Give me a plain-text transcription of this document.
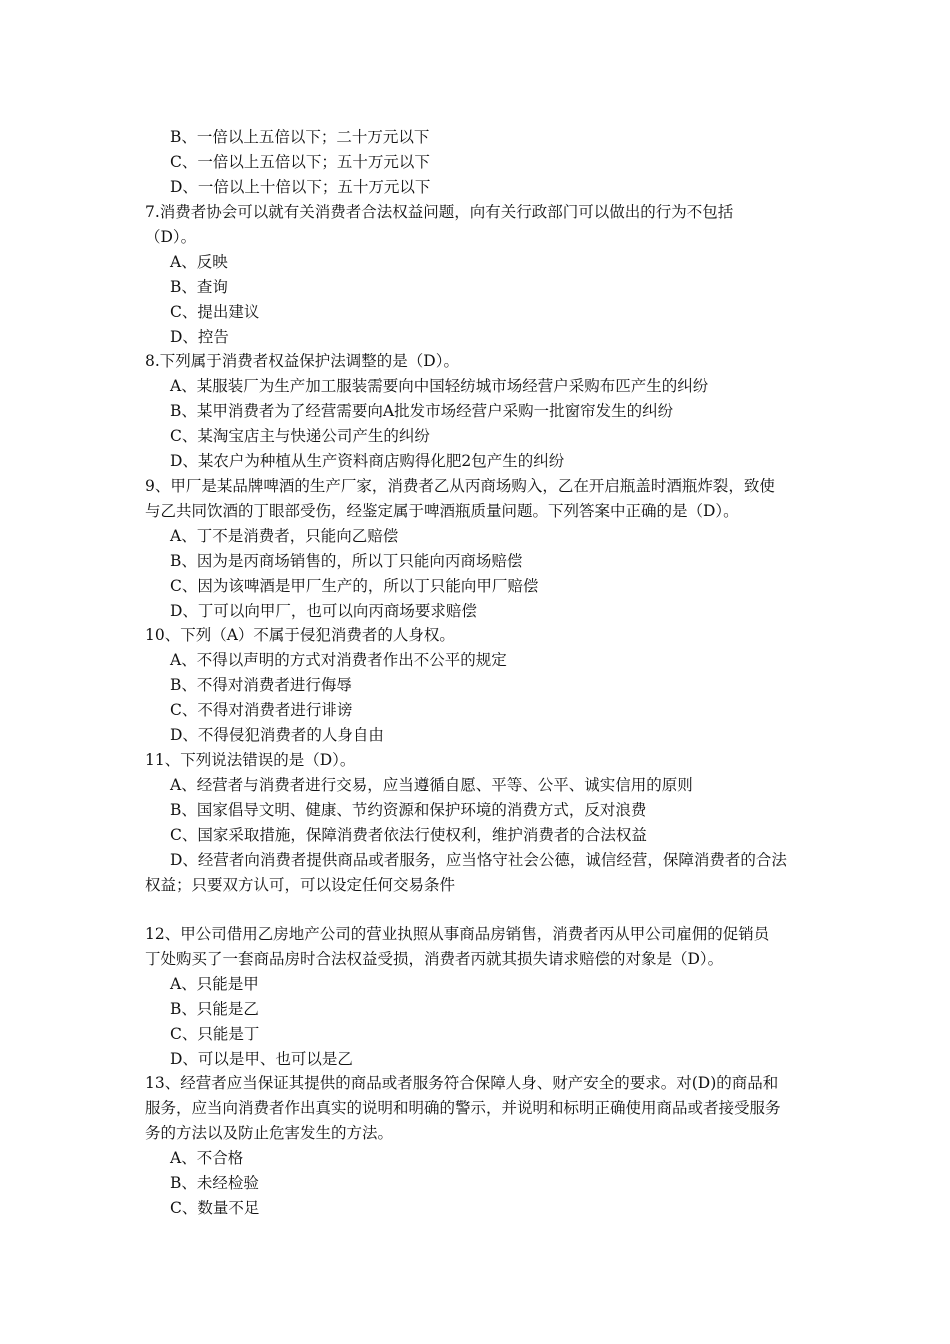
B、一倍以上五倍以下；二十万元以下
C、一倍以上五倍以下；五十万元以下
D、一倍以上十倍以下；五十万元以下
7.消费者协会可以就有关消费者合法权益问题，向有关行政部门可以做出的行为不包括
（D）。
A、反映
B、查询
C、提出建议
D、控告
8.下列属于消费者权益保护法调整的是（D）。
A、某服装厂为生产加工服装需要向中国轻纺城市场经营户采购布匹产生的纠纷
B、某甲消费者为了经营需要向A批发市场经营户采购一批窗帘发生的纠纷
C、某淘宝店主与快递公司产生的纠纷
D、某农户为种植从生产资料商店购得化肥2包产生的纠纷
9、甲厂是某品牌啤酒的生产厂家，消费者乙从丙商场购入，乙在开启瓶盖时酒瓶炸裂，致使
与乙共同饮酒的丁眼部受伤，经鉴定属于啤酒瓶质量问题。下列答案中正确的是（D）。
A、丁不是消费者，只能向乙赔偿
B、因为是丙商场销售的，所以丁只能向丙商场赔偿
C、因为该啤酒是甲厂生产的，所以丁只能向甲厂赔偿
D、丁可以向甲厂，也可以向丙商场要求赔偿
10、下列（A）不属于侵犯消费者的人身权。
A、不得以声明的方式对消费者作出不公平的规定
B、不得对消费者进行侮辱
C、不得对消费者进行诽谤
D、不得侵犯消费者的人身自由
11、下列说法错误的是（D）。
A、经营者与消费者进行交易，应当遵循自愿、平等、公平、诚实信用的原则
B、国家倡导文明、健康、节约资源和保护环境的消费方式，反对浪费
C、国家采取措施，保障消费者依法行使权利，维护消费者的合法权益
D、经营者向消费者提供商品或者服务，应当恪守社会公德，诚信经营，保障消费者的合法
权益；只要双方认可，可以设定任何交易条件
12、甲公司借用乙房地产公司的营业执照从事商品房销售，消费者丙从甲公司雇佣的促销员
丁处购买了一套商品房时合法权益受损，消费者丙就其损失请求赔偿的对象是（D）。
A、只能是甲
B、只能是乙
C、只能是丁
D、可以是甲、也可以是乙
13、经营者应当保证其提供的商品或者服务符合保障人身、财产安全的要求。对(D)的商品和
服务，应当向消费者作出真实的说明和明确的警示，并说明和标明正确使用商品或者接受服务
务的方法以及防止危害发生的方法。
A、不合格
B、未经检验
C、数量不足
